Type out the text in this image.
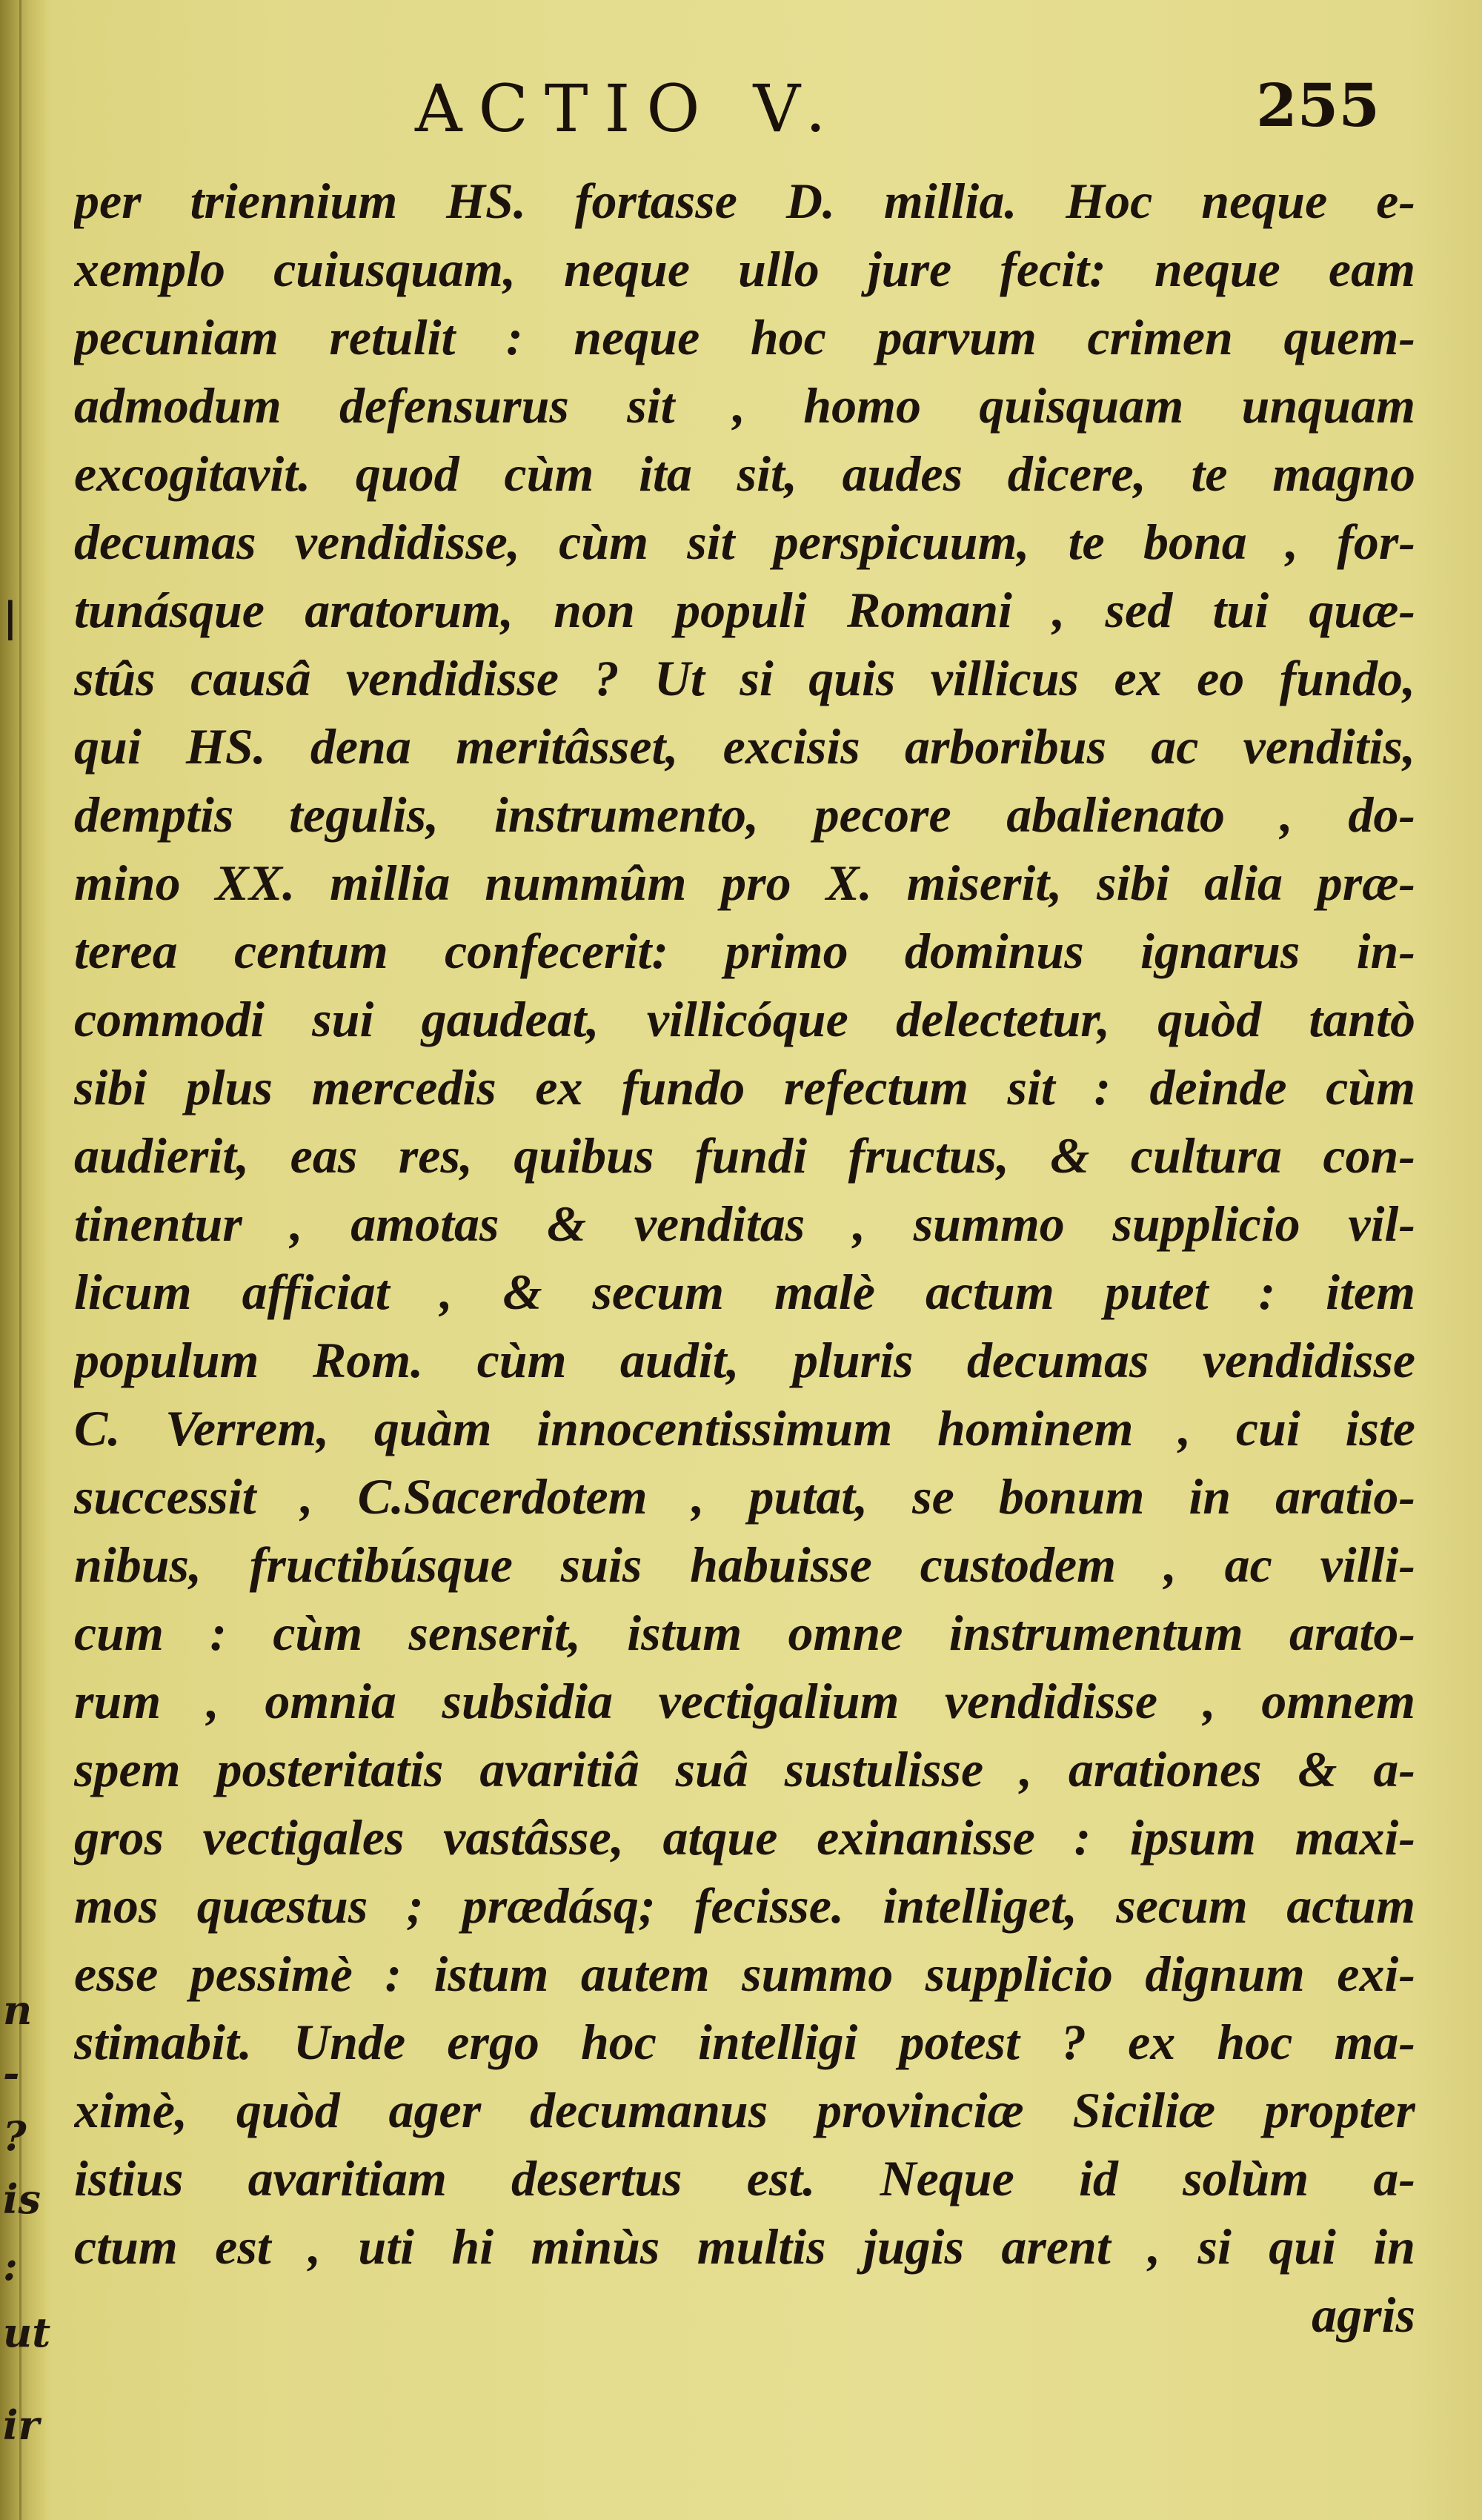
|
n
-
?
is
:
ut
ir
ACTIO V.	255
per triennium HS. fortasse D. millia. Hoc neque e-
xemplo cuiusquam, neque ullo jure fecit: neque eam
pecuniam retulit : neque hoc parvum crimen quem-
admodum defensurus sit , homo quisquam unquam
excogitavit. quod cùm ita sit, audes dicere, te magno
decumas vendidisse, cùm sit perspicuum, te bona , for-
tunásque aratorum, non populi Romani , sed tui quæ-
stûs causâ vendidisse ? Ut si quis villicus ex eo fundo,
qui HS. dena meritâsset, excisis arboribus ac venditis,
demptis tegulis, instrumento, pecore abalienato , do-
mino XX. millia nummûm pro X. miserit, sibi alia præ-
terea centum confecerit: primo dominus ignarus in-
commodi sui gaudeat, villicóque delectetur, quòd tantò
sibi plus mercedis ex fundo refectum sit : deinde cùm
audierit, eas res, quibus fundi fructus, & cultura con-
tinentur , amotas & venditas , summo supplicio vil-
licum afficiat , & secum malè actum putet : item
populum Rom. cùm audit, pluris decumas vendidisse
C. Verrem, quàm innocentissimum hominem , cui iste
successit , C.Sacerdotem , putat, se bonum in aratio-
nibus, fructibúsque suis habuisse custodem , ac villi-
cum : cùm senserit, istum omne instrumentum arato-
rum , omnia subsidia vectigalium vendidisse , omnem
spem posteritatis avaritiâ suâ sustulisse , arationes & a-
gros vectigales vastâsse, atque exinanisse : ipsum maxi-
mos quæstus ; prædásq; fecisse. intelliget, secum actum
esse pessimè : istum autem summo supplicio dignum exi-
stimabit. Unde ergo hoc intelligi potest ? ex hoc ma-
ximè, quòd ager decumanus provinciæ Siciliæ propter
istius avaritiam desertus est. Neque id solùm a-
ctum est , uti hi minùs multis jugis arent , si qui in
agris
